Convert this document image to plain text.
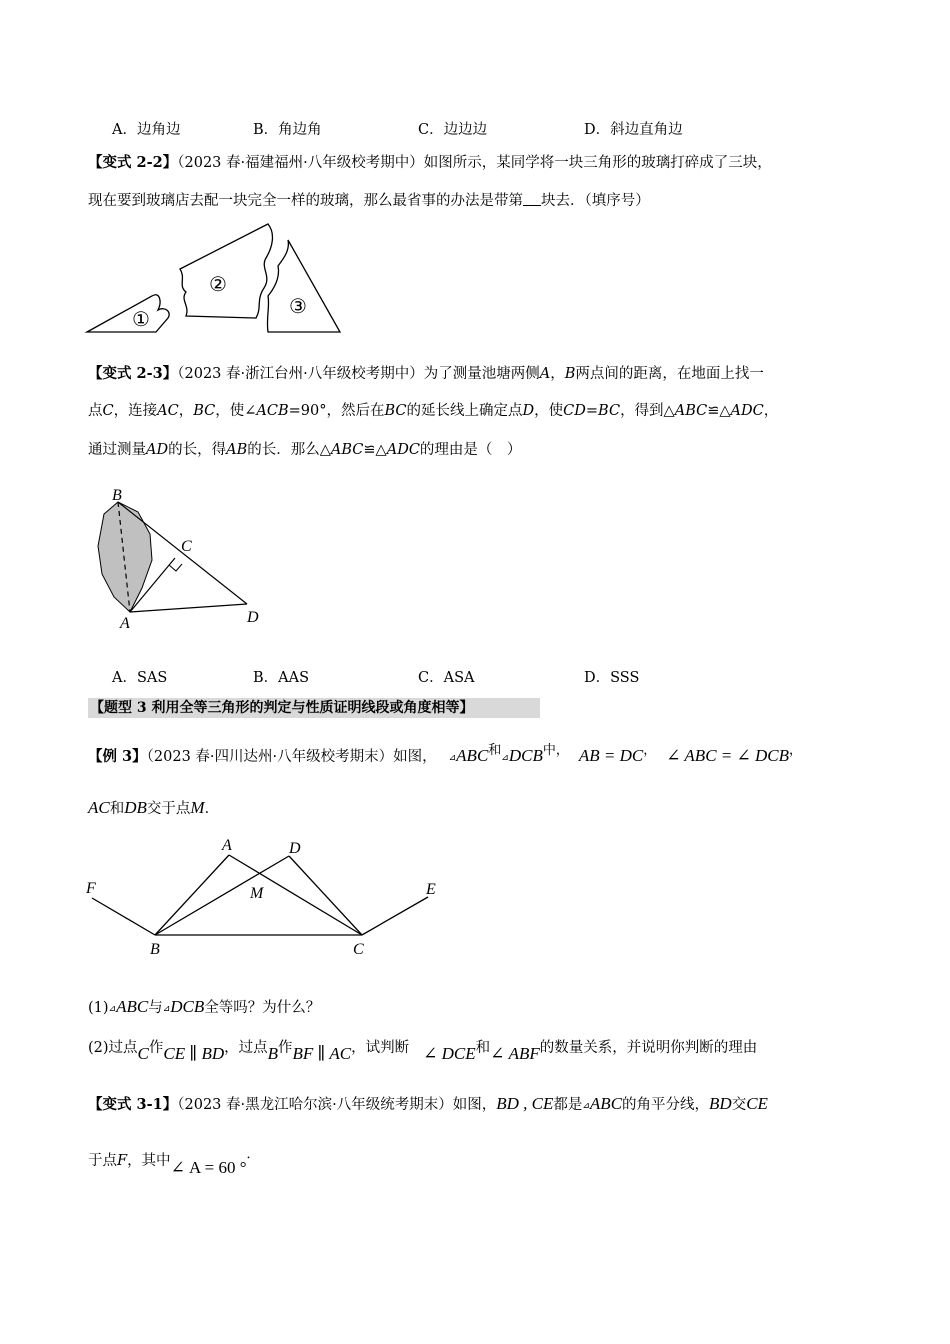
A．边角边	B．角边角	C．边边边	D．斜边直角边
【变式 2-2】（2023 春·福建福州·八年级校考期中）如图所示，某同学将一块三角形的玻璃打碎成了三块，
现在要到玻璃店去配一块完全一样的玻璃，那么最省事的办法是带第 块去．（填序号）
①
②
③
【变式 2-3】（2023 春·浙江台州·八年级校考期中）为了测量池塘两侧A，B两点间的距离，在地面上找一
点C，连接AC，BC，使∠ACB=90°，然后在BC的延长线上确定点D，使CD=BC，得到△ABC≌△ADC，
通过测量AD的长，得AB的长．那么△ABC≌△ADC的理由是（　）
B
C
A	D
A．SAS	B．AAS	C．ASA	D．SSS
【题型 3 利用全等三角形的判定与性质证明线段或角度相等】
【例 3】（2023 春·四川达州·八年级校考期末）如图， ⊿ABC和⊿DCB中， AB = DC， ∠ ABC = ∠ DCB，
AC和DB交于点M．
A	D
F	E
M
B	C
(1)⊿ABC与⊿DCB全等吗？为什么？
(2)过点C作CE ∥ BD，过点B作BF ∥ AC，试判断 ∠ DCE和∠ ABF的数量关系，并说明你判断的理由
【变式 3-1】（2023 春·黑龙江哈尔滨·八年级统考期末）如图，BD , CE都是⊿ABC的角平分线，BD交CE
于点F，其中∠ A = 60 °．
